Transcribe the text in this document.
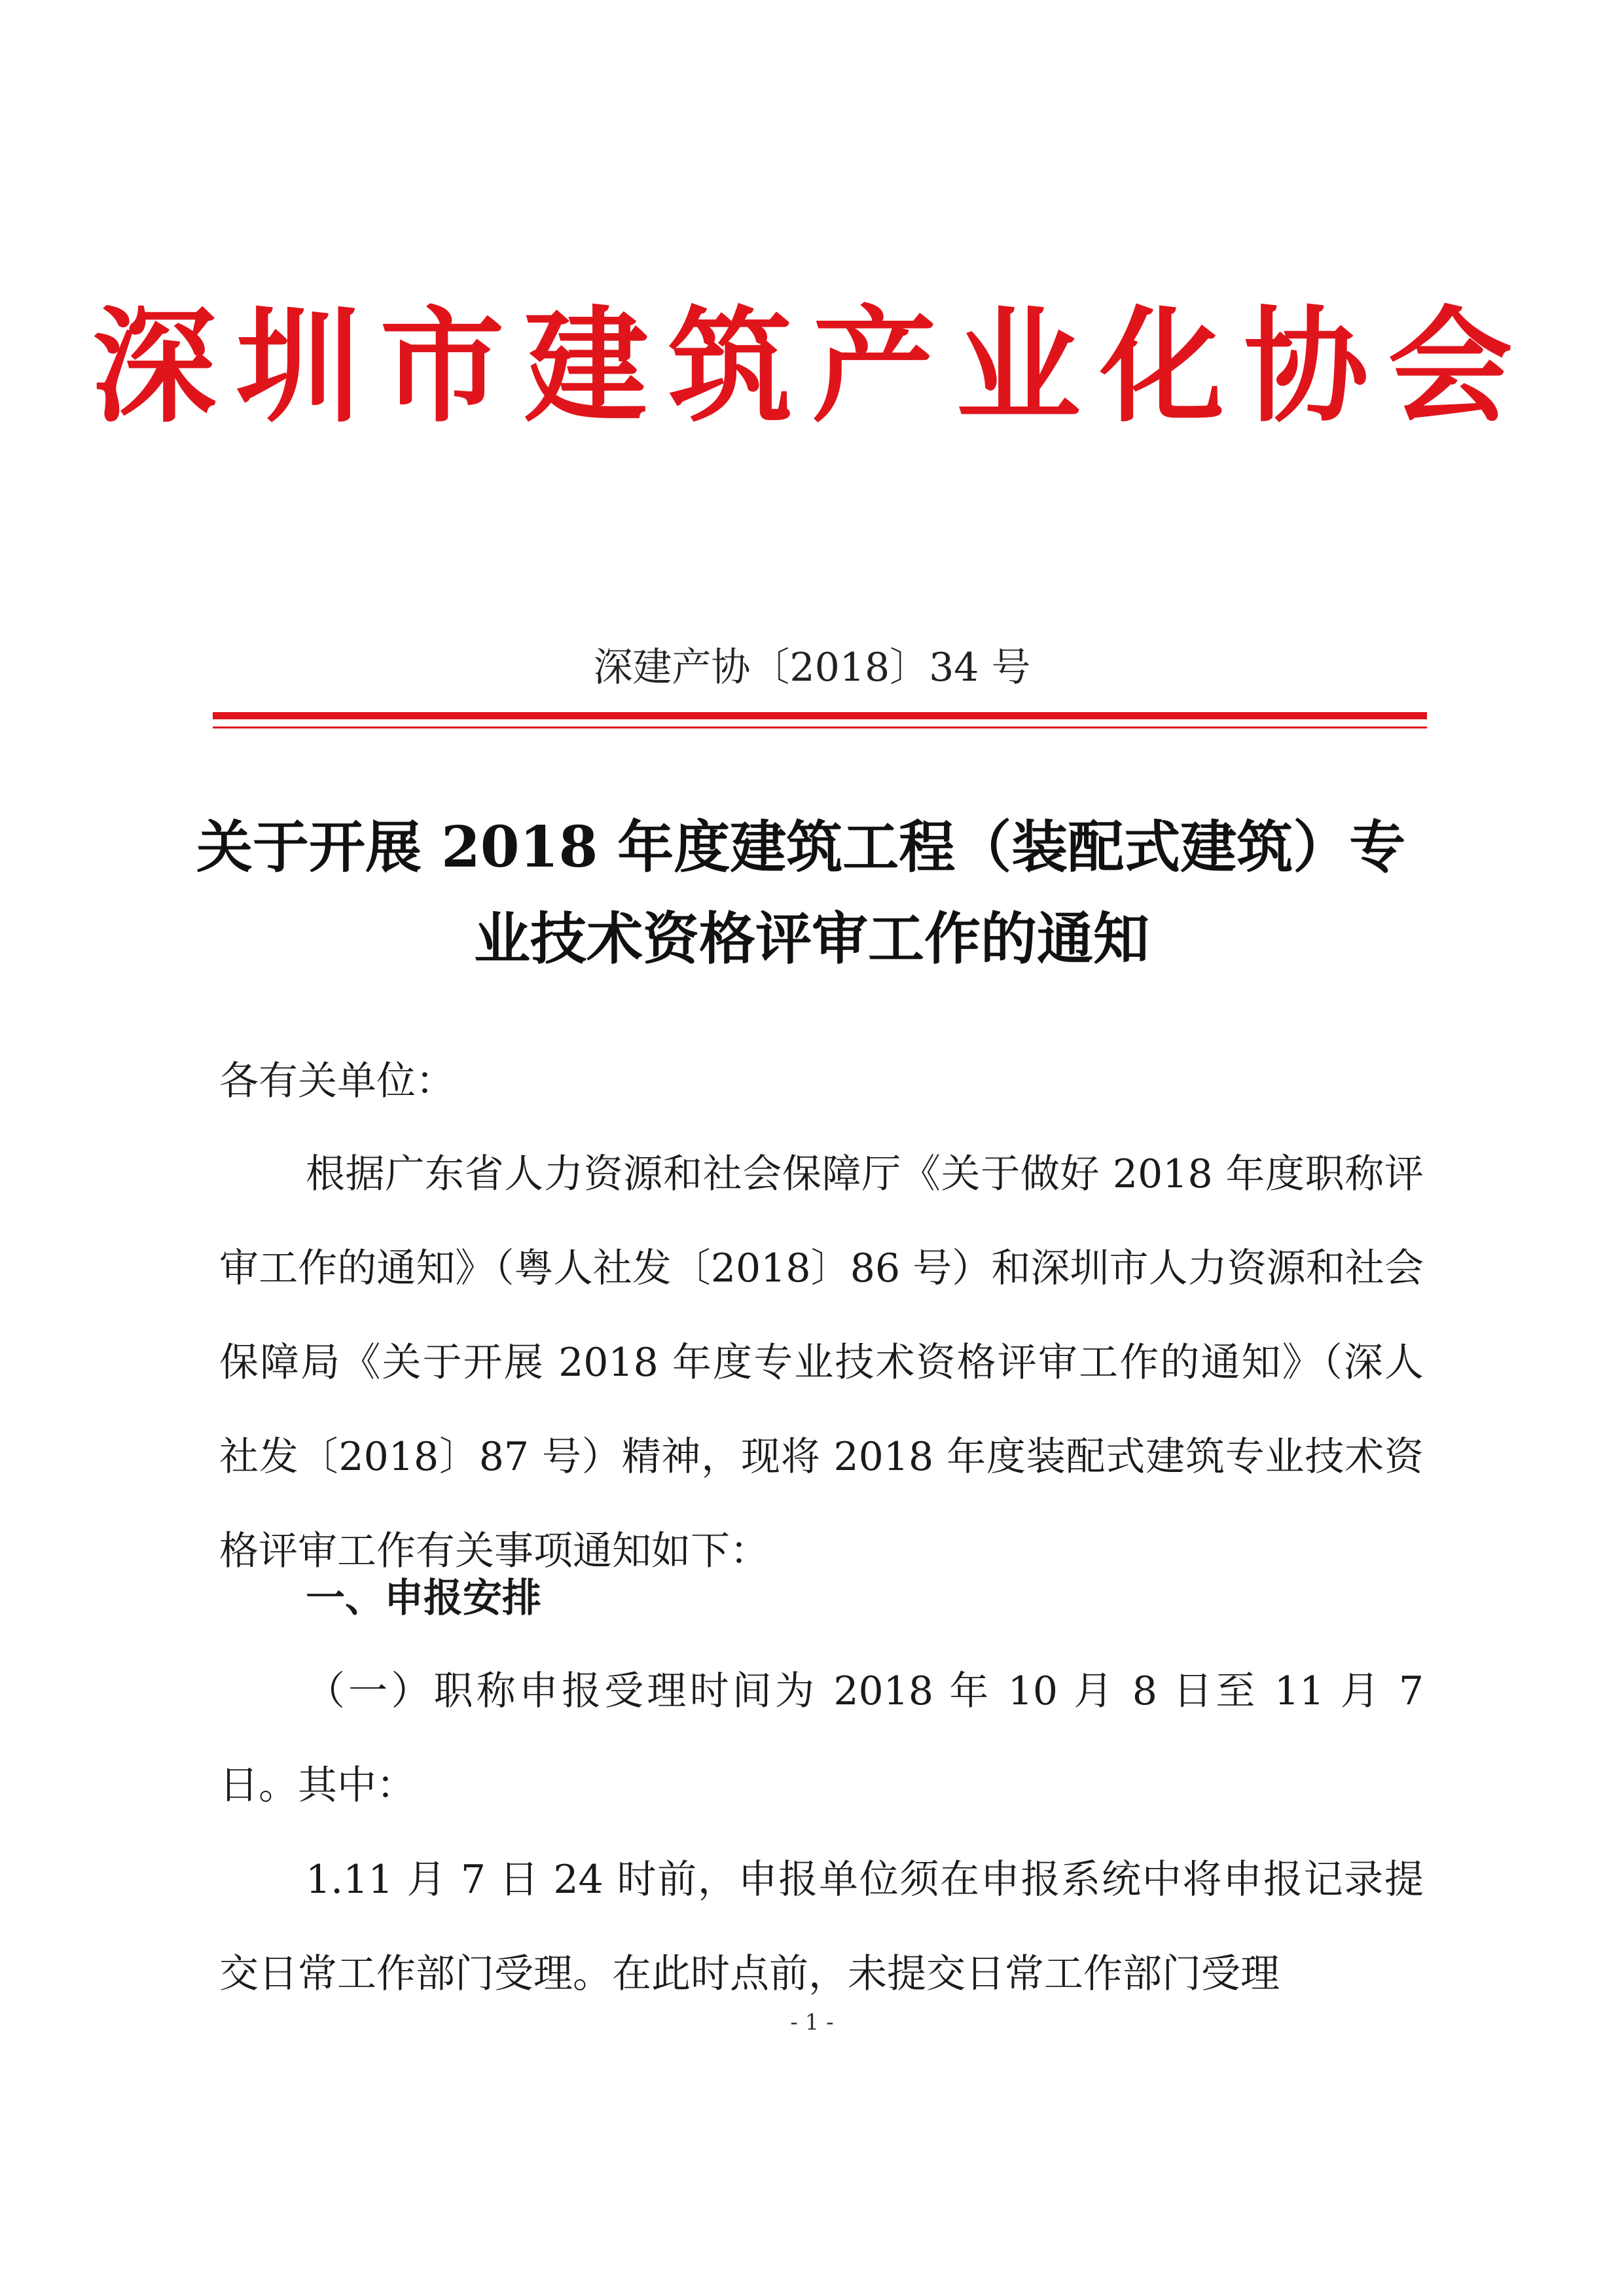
深圳市建筑产业化协会
深建产协〔2018〕34 号
关于开展 2018 年度建筑工程（装配式建筑）专
业技术资格评审工作的通知
各有关单位：
根据广东省人力资源和社会保障厅《关于做好 2018 年度职称评审工作的通知》（粤人社发〔2018〕86 号）和深圳市人力资源和社会保障局《关于开展 2018 年度专业技术资格评审工作的通知》（深人社发〔2018〕87 号）精神，现将 2018 年度装配式建筑专业技术资格评审工作有关事项通知如下：
一、申报安排
（一）职称申报受理时间为 2018 年 10 月 8 日至 11 月 7 日。其中：
1.11 月 7 日 24 时前，申报单位须在申报系统中将申报记录提交日常工作部门受理。在此时点前，未提交日常工作部门受理
- 1 -
